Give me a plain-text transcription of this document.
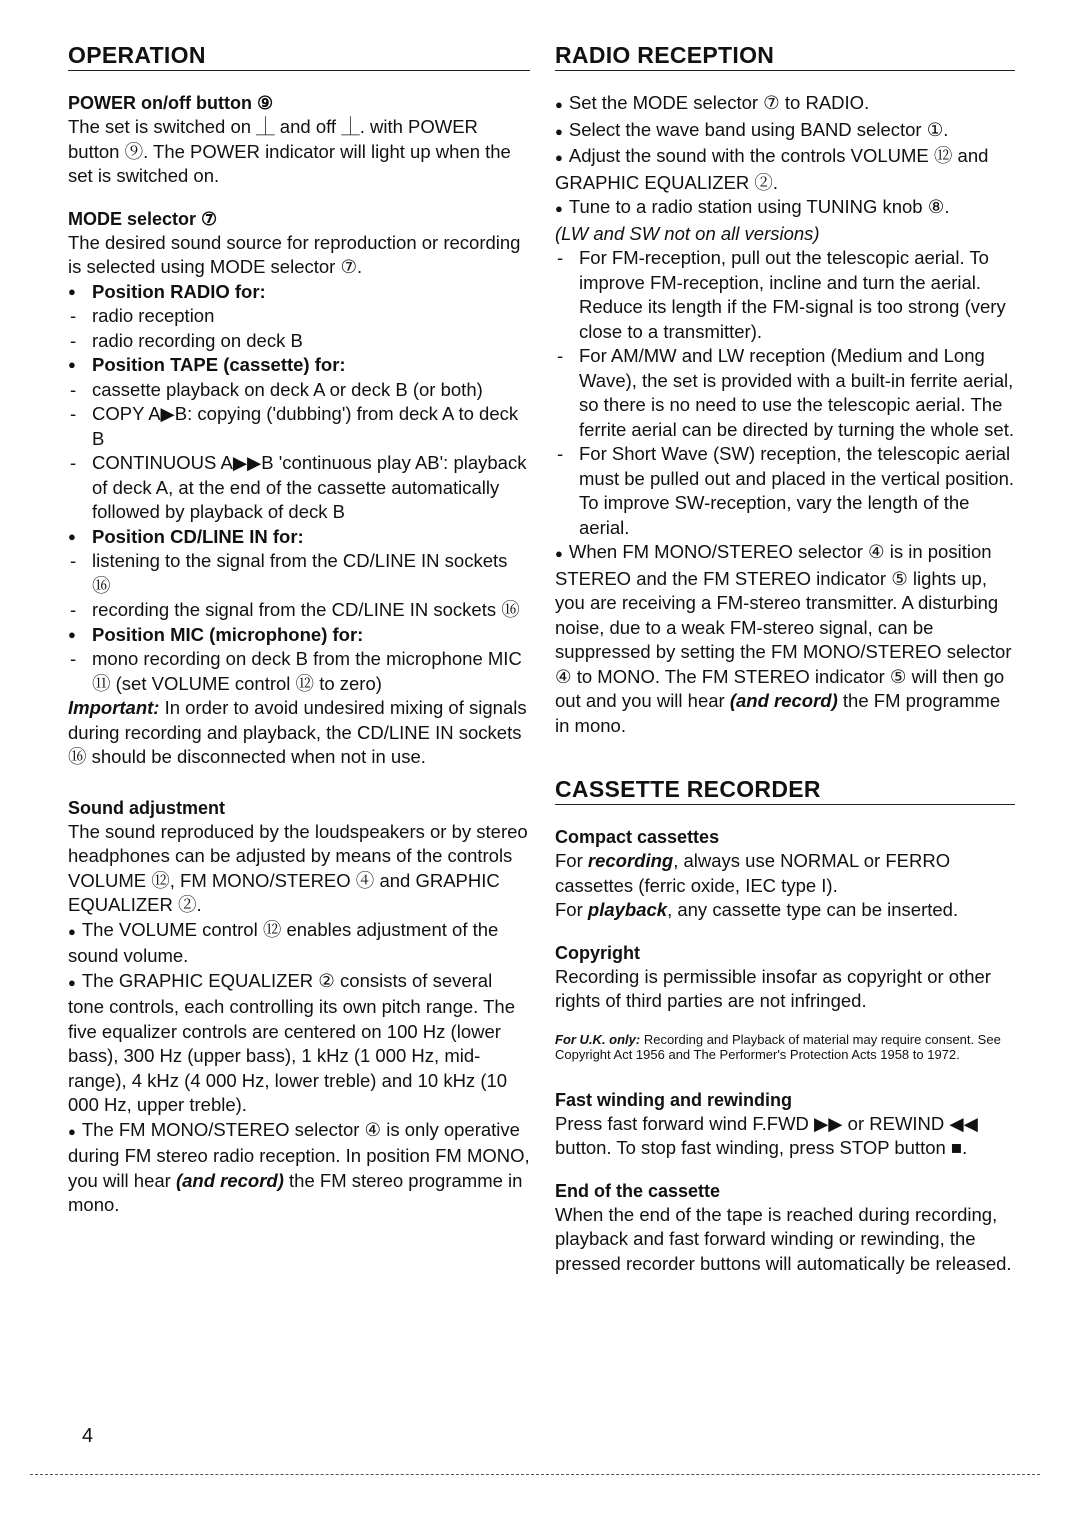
OPERATION
POWER on/off button ⑨

The set is switched on ⏊ and off ⏊. with POWER button ⑨. The POWER indicator will light up when the set is switched on.

MODE selector ⑦

The desired sound source for reproduction or recording is selected using MODE selector ⑦.

● Position RADIO for:
- radio reception
- radio recording on deck B
● Position TAPE (cassette) for:
- cassette playback on deck A or deck B (or both)
- COPY A▶B: copying ('dubbing') from deck A to deck B
- CONTINUOUS A▶▶B 'continuous play AB': playback of deck A, at the end of the cassette automatically followed by playback of deck B
● Position CD/LINE IN for:
- listening to the signal from the CD/LINE IN sockets ⑯
- recording the signal from the CD/LINE IN sockets ⑯
● Position MIC (microphone) for:
- mono recording on deck B from the microphone MIC ⑪ (set VOLUME control ⑫ to zero)

Important: In order to avoid undesired mixing of signals during recording and playback, the CD/LINE IN sockets ⑯ should be disconnected when not in use.

Sound adjustment

The sound reproduced by the loudspeakers or by stereo headphones can be adjusted by means of the controls VOLUME ⑫, FM MONO/STEREO ④ and GRAPHIC EQUALIZER ②.

● The VOLUME control ⑫ enables adjustment of the sound volume.
● The GRAPHIC EQUALIZER ② consists of several tone controls, each controlling its own pitch range. The five equalizer controls are centered on 100 Hz (lower bass), 300 Hz (upper bass), 1 kHz (1 000 Hz, mid-range), 4 kHz (4 000 Hz, lower treble) and 10 kHz (10 000 Hz, upper treble).
● The FM MONO/STEREO selector ④ is only operative during FM stereo radio reception. In position FM MONO, you will hear (and record) the FM stereo programme in mono.
RADIO RECEPTION
● Set the MODE selector ⑦ to RADIO.
● Select the wave band using BAND selector ①.
● Adjust the sound with the controls VOLUME ⑫ and GRAPHIC EQUALIZER ②.
● Tune to a radio station using TUNING knob ⑧.

(LW and SW not on all versions)

- For FM-reception, pull out the telescopic aerial. To improve FM-reception, incline and turn the aerial. Reduce its length if the FM-signal is too strong (very close to a transmitter).
- For AM/MW and LW reception (Medium and Long Wave), the set is provided with a built-in ferrite aerial, so there is no need to use the telescopic aerial. The ferrite aerial can be directed by turning the whole set.
- For Short Wave (SW) reception, the telescopic aerial must be pulled out and placed in the vertical position. To improve SW-reception, vary the length of the aerial.
● When FM MONO/STEREO selector ④ is in position STEREO and the FM STEREO indicator ⑤ lights up, you are receiving a FM-stereo transmitter. A disturbing noise, due to a weak FM-stereo signal, can be suppressed by setting the FM MONO/STEREO selector ④ to MONO. The FM STEREO indicator ⑤ will then go out and you will hear (and record) the FM programme in mono.
CASSETTE RECORDER
Compact cassettes

For recording, always use NORMAL or FERRO cassettes (ferric oxide, IEC type I).

For playback, any cassette type can be inserted.

Copyright

Recording is permissible insofar as copyright or other rights of third parties are not infringed.

For U.K. only: Recording and Playback of material may require consent. See Copyright Act 1956 and The Performer's Protection Acts 1958 to 1972.

Fast winding and rewinding

Press fast forward wind F.FWD ▶▶ or REWIND ◀◀ button. To stop fast winding, press STOP button ■.

End of the cassette

When the end of the tape is reached during recording, playback and fast forward winding or rewinding, the pressed recorder buttons will automatically be released.

4
